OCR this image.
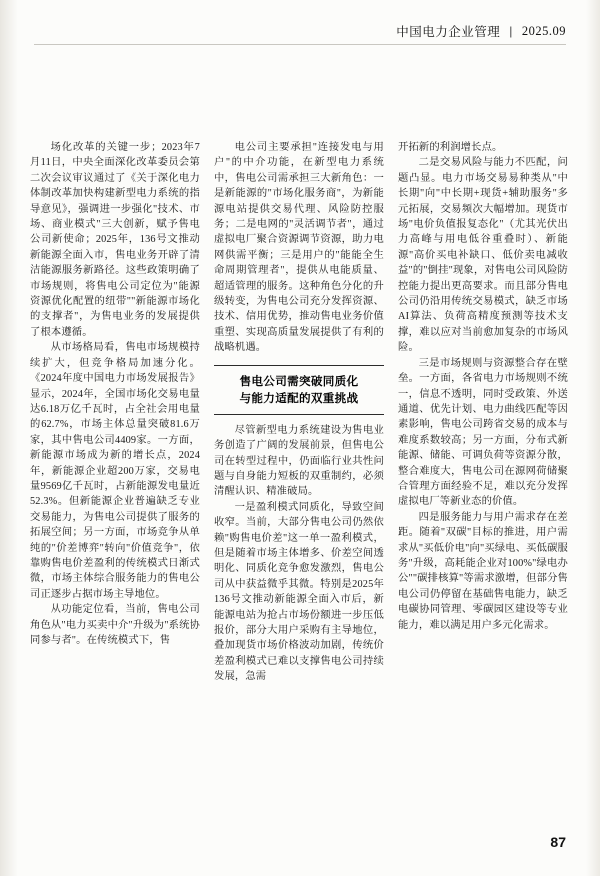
中国电力企业管理 | 2025.09

场化改革的关键一步；2023年7月11日，中央全面深化改革委员会第二次会议审议通过了《关于深化电力体制改革加快构建新型电力系统的指导意见》，强调进一步强化"技术、市场、商业模式"三大创新，赋予售电公司新使命；2025年，136号文推动新能源全面入市，售电业务开辟了清洁能源服务新路径。这些政策明确了市场规则，将售电公司定位为"能源资源优化配置的纽带""新能源市场化的支撑者"，为售电业务的发展提供了根本遵循。

从市场格局看，售电市场规模持续扩大，但竞争格局加速分化。《2024年度中国电力市场发展报告》显示，2024年，全国市场化交易电量达6.18万亿千瓦时，占全社会用电量的62.7%，市场主体总量突破81.6万家，其中售电公司4409家。一方面，新能源市场成为新的增长点，2024年，新能源企业超200万家，交易电量9569亿千瓦时，占新能源发电量近52.3%。但新能源企业普遍缺乏专业交易能力，为售电公司提供了服务的拓展空间；另一方面，市场竞争从单纯的"价差博弈"转向"价值竞争"，依靠购售电价差盈利的传统模式日渐式微，市场主体综合服务能力的售电公司正逐步占据市场主导地位。

从功能定位看，当前，售电公司角色从"电力买卖中介"升级为"系统协同参与者"。在传统模式下，售

电公司主要承担"连接发电与用户"的中介功能，在新型电力系统中，售电公司需承担三大新角色：一是新能源的"市场化服务商"，为新能源电站提供交易代理、风险防控服务；二是电网的"灵活调节者"，通过虚拟电厂聚合资源调节资源，助力电网供需平衡；三是用户的"能能全生命周期管理者"，提供从电能质量、超适管理的服务。这种角色分化的升级转变，为售电公司充分发挥资源、技术、信用优势，推动售电业务价值重塑、实现高质量发展提供了有利的战略机遇。

售电公司需突破同质化
与能力适配的双重挑战

尽管新型电力系统建设为售电业务创造了广阔的发展前景，但售电公司在转型过程中，仍面临行业共性问题与自身能力短板的双重制约，必须清醒认识、精准破局。

一是盈利模式同质化，导致空间收窄。当前，大部分售电公司仍然依赖"购售电价差"这一单一盈利模式，但是随着市场主体增多、价差空间透明化、同质化竞争愈发激烈，售电公司从中获益微乎其微。特别是2025年136号文推动新能源全面入市后，新能源电站为抢占市场份额进一步压低报价，部分大用户采购有主导地位，叠加现货市场价格波动加剧，传统价差盈利模式已难以支撑售电公司持续发展，急需

开拓新的利润增长点。

二是交易风险与能力不匹配，问题凸显。电力市场交易易种类从"中长期"向"中长期+现货+辅助服务"多元拓展，交易频次大幅增加。现货市场"电价负值报复态化"（尤其光伏出力高峰与用电低谷重叠时）、新能源"高价买电补缺口、低价卖电减收益"的"倒挂"现象，对售电公司风险防控能力提出更高要求。而且部分售电公司仍沿用传统交易模式，缺乏市场AI算法、负荷高精度预测等技术支撑，难以应对当前愈加复杂的市场风险。

三是市场规则与资源整合存在壁垒。一方面，各省电力市场规则不统一，信息不透明，同时受政策、外送通道、优先计划、电力曲线匹配等因素影响，售电公司跨省交易的成本与难度系数较高；另一方面，分布式新能源、储能、可调负荷等资源分散，整合难度大，售电公司在源网荷储聚合管理方面经验不足，难以充分发挥虚拟电厂等新业态的价值。

四是服务能力与用户需求存在差距。随着"双碳"目标的推进，用户需求从"买低价电"向"买绿电、买低碳服务"升级，高耗能企业对100%"绿电办公""碳排核算"等需求激增，但部分售电公司仍停留在基础售电能力，缺乏电碳协同管理、零碳园区建设等专业能力，难以满足用户多元化需求。

87
